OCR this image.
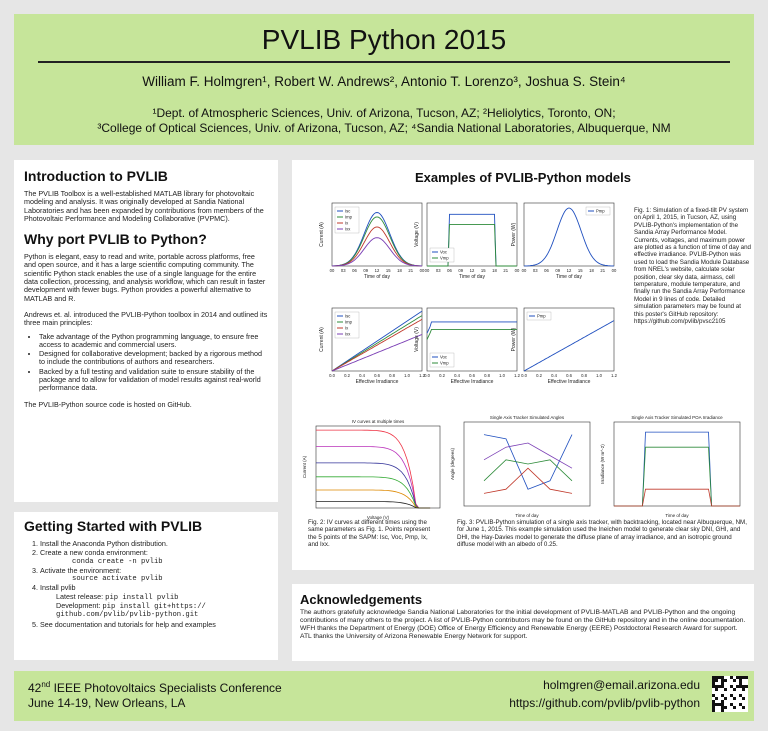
PVLIB Python 2015
William F. Holmgren¹, Robert W. Andrews², Antonio T. Lorenzo³, Joshua S. Stein⁴
¹Dept. of Atmospheric Sciences, Univ. of Arizona, Tucson, AZ; ²Heliolytics, Toronto, ON;
³College of Optical Sciences, Univ. of Arizona, Tucson, AZ; ⁴Sandia National Laboratories, Albuquerque, NM
Introduction to PVLIB

The PVLIB Toolbox is a well-established MATLAB library for photovoltaic modeling and analysis. It was originally developed at Sandia National Laboratories and has been expanded by contributions from members of the Photovoltaic Performance and Modeling Collaborative (PVPMC).

Why port PVLIB to Python?

Python is elegant, easy to read and write, portable across platforms, free and open source, and it has a large scientific computing community. The scientific Python stack enables the use of a single language for the entire data collection, processing, and analysis workflow, which can result in faster development with fewer bugs. Python provides a powerful alternative to MATLAB and R.

Andrews et. al. introduced the PVLIB-Python toolbox in 2014 and outlined its three main principles:

• Take advantage of the Python programming language, to ensure free access to academic and commercial users.
• Designed for collaborative development; backed by a rigorous method to include the contributions of authors and researchers.
• Backed by a full testing and validation suite to ensure stability of the package and to allow for validation of model results against real-world performance data.

The PVLIB-Python source code is hosted on GitHub.

Getting Started with PVLIB
1. Install the Anaconda Python distribution.
2. Create a new conda environment:
conda create -n pvlib
3. Activate the environment:
source activate pvlib
4. Install pvlib
Latest release: pip install pvlib
Development: pip install git+https://
github.com/pvlib/pvlib-python.git
5. See documentation and tutorials for help and examples
Examples of PVLIB-Python models
00 03 06 09 12 15 18 21 00
Time of day
Current (A)
Isc
Imp
Ix
Ixx
00 03 06 09 12 15 18 21 00
Time of day
Voltage (V)
Voc
Vmp
00 03 06 09 12 15 18 21 00
Time of day
Power (W)
Pmp
0.0 0.2 0.4 0.6 0.8 1.0 1.2
Effective Irradiance
Current (A)
Isc
Imp
Ix
Ixx
0.0 0.2 0.4 0.6 0.8 1.0 1.2
Effective Irradiance
Voltage (V)
Voc
Vmp
0.0 0.2 0.4 0.6 0.8 1.0 1.2
Effective Irradiance
Power (W)
Pmp
IV curves at multiple times
Voltage (V)
Current (A)
Single Axis Tracker Simulated Angles
Time of day
Angle (degrees)
Single Axis Tracker Simulated POA Irradiance
Time of day
Irradiance (W m^-2)

Fig. 1: Simulation of a fixed-tilt PV system on April 1, 2015, in Tucson, AZ, using PVLIB-Python's implementation of the Sandia Array Performance Model. Currents, voltages, and maximum power are plotted as a function of time of day and effective irradiance. PVLIB-Python was used to load the Sandia Module Database from NREL's website, calculate solar position, clear sky data, airmass, cell temperature, module temperature, and finally run the Sandia Array Performance Model in 9 lines of code. Detailed simulation parameters may be found at this poster's GitHub repository: https://github.com/pvlib/pvsc2105

Fig. 2: IV curves at different times using the same parameters as Fig. 1. Points represent the 5 points of the SAPM: Isc, Voc, Pmp, Ix, and Ixx.

Fig. 3: PVLIB-Python simulation of a single axis tracker, with backtracking, located near Albuquerque, NM, for June 1, 2015. This example simulation used the Ineichen model to generate clear sky DNI, GHI, and DHI, the Hay-Davies model to generate the diffuse plane of array irradiance, and an isotropic ground diffuse model with an albedo of 0.25.

Acknowledgements

The authors gratefully acknowledge Sandia National Laboratories for the initial development of PVLIB-MATLAB and PVLIB-Python and the ongoing contributions of many others to the project. A list of PVLIB-Python contributors may be found on the GitHub repository and in the online documentation. WFH thanks the Department of Energy (DOE) Office of Energy Efficiency and Renewable Energy (EERE) Postdoctoral Research Award for support. ATL thanks the University of Arizona Renewable Energy Network for support.

42nd IEEE Photovoltaics Specialists Conference
June 14-19, New Orleans, LA
holmgren@email.arizona.edu
https://github.com/pvlib/pvlib-python
